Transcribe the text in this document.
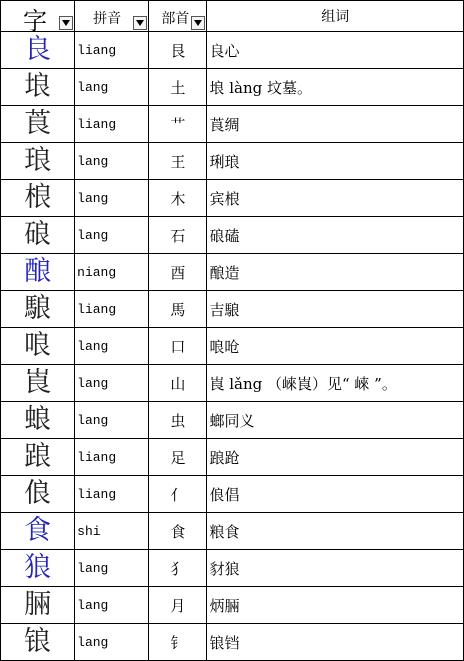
字	拼音	部首	组词
良	liang	艮	良心
埌	lang	土	埌 làng 坟墓。
莨	liang	艹	莨绸
琅	lang	王	琍琅
桹	lang	木	宾桹
硠	lang	石	硠磕
酿	niang	酉	酿造
駺	liang	馬	吉駺
哴	lang	口	哴呛
崀	lang	山	崀 lǎng （崍崀）见“ 崍 ”。
蜋	lang	虫	螂同义
踉	liang	足	踉跄
俍	liang	亻	俍倡
食	shi	食	粮食
狼	lang	犭	豺狼
脼	lang	月	炳脼
锒	lang	钅	锒铛
